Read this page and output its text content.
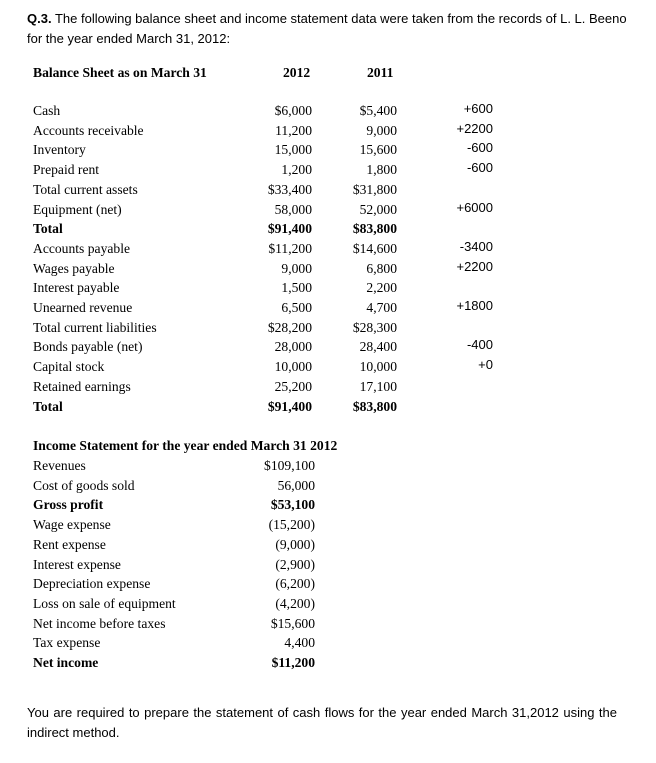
Q.3. The following balance sheet and income statement data were taken from the records of L. L. Beeno for the year ended March 31, 2012:
Balance Sheet as on March 31	2012	2011
Cash	$6,000	$5,400	+600
Accounts receivable	11,200	9,000	+2200
Inventory	15,000	15,600	-600
Prepaid rent	1,200	1,800	-600
Total current assets	$33,400	$31,800
Equipment (net)	58,000	52,000	+6000
Total	$91,400	$83,800
Accounts payable	$11,200	$14,600	-3400
Wages payable	9,000	6,800	+2200
Interest payable	1,500	2,200
Unearned revenue	6,500	4,700	+1800
Total current liabilities	$28,200	$28,300
Bonds payable (net)	28,000	28,400	-400
Capital stock	10,000	10,000	+0
Retained earnings	25,200	17,100
Total	$91,400	$83,800
Income Statement for the year ended March 31 2012
Revenues	$109,100
Cost of goods sold	56,000
Gross profit	$53,100
Wage expense	(15,200)
Rent expense	(9,000)
Interest expense	(2,900)
Depreciation expense	(6,200)
Loss on sale of equipment	(4,200)
Net income before taxes	$15,600
Tax expense	4,400
Net income	$11,200
You are required to prepare the statement of cash flows for the year ended March 31,2012 using the indirect method.
